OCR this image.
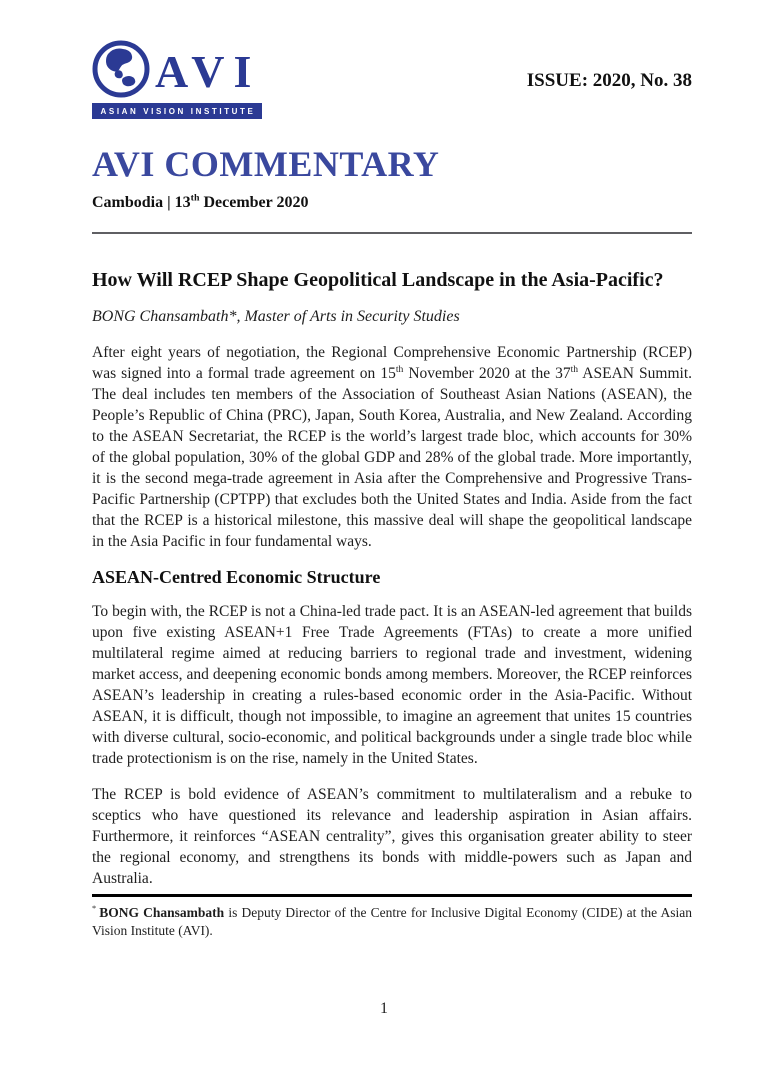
AVI
ASIAN VISION INSTITUTE
ISSUE: 2020, No. 38
AVI COMMENTARY
Cambodia | 13th December 2020
How Will RCEP Shape Geopolitical Landscape in the Asia-Pacific?
BONG Chansambath*, Master of Arts in Security Studies

After eight years of negotiation, the Regional Comprehensive Economic Partnership (RCEP) was signed into a formal trade agreement on 15th November 2020 at the 37th ASEAN Summit. The deal includes ten members of the Association of Southeast Asian Nations (ASEAN), the People’s Republic of China (PRC), Japan, South Korea, Australia, and New Zealand. According to the ASEAN Secretariat, the RCEP is the world’s largest trade bloc, which accounts for 30% of the global population, 30% of the global GDP and 28% of the global trade. More importantly, it is the second mega-trade agreement in Asia after the Comprehensive and Progressive Trans-Pacific Partnership (CPTPP) that excludes both the United States and India. Aside from the fact that the RCEP is a historical milestone, this massive deal will shape the geopolitical landscape in the Asia Pacific in four fundamental ways.

ASEAN-Centred Economic Structure

To begin with, the RCEP is not a China-led trade pact. It is an ASEAN-led agreement that builds upon five existing ASEAN+1 Free Trade Agreements (FTAs) to create a more unified multilateral regime aimed at reducing barriers to regional trade and investment, widening market access, and deepening economic bonds among members. Moreover, the RCEP reinforces ASEAN’s leadership in creating a rules-based economic order in the Asia-Pacific. Without ASEAN, it is difficult, though not impossible, to imagine an agreement that unites 15 countries with diverse cultural, socio-economic, and political backgrounds under a single trade bloc while trade protectionism is on the rise, namely in the United States.

The RCEP is bold evidence of ASEAN’s commitment to multilateralism and a rebuke to sceptics who have questioned its relevance and leadership aspiration in Asian affairs. Furthermore, it reinforces “ASEAN centrality”, gives this organisation greater ability to steer the regional economy, and strengthens its bonds with middle-powers such as Japan and Australia.

* BONG Chansambath is Deputy Director of the Centre for Inclusive Digital Economy (CIDE) at the Asian Vision Institute (AVI).
1
